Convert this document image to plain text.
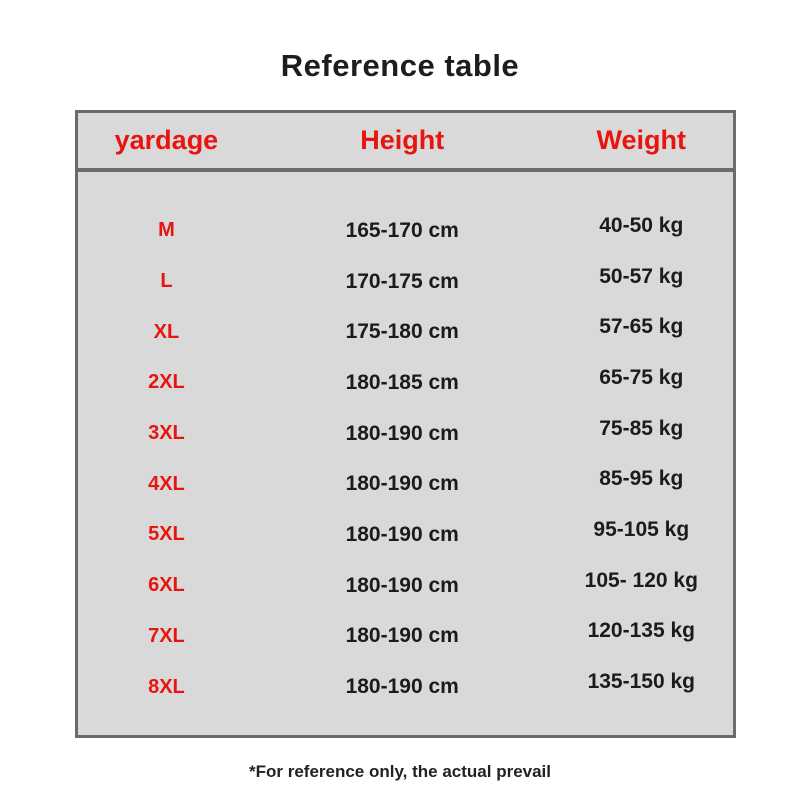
Reference table
yardage	Height	Weight
M	165-170 cm	40-50 kg
L	170-175 cm	50-57 kg
XL	175-180 cm	57-65 kg
2XL	180-185 cm	65-75 kg
3XL	180-190 cm	75-85 kg
4XL	180-190 cm	85-95 kg
5XL	180-190 cm	95-105 kg
6XL	180-190 cm	105- 120 kg
7XL	180-190 cm	120-135 kg
8XL	180-190 cm	135-150 kg
*For reference only, the actual prevail
